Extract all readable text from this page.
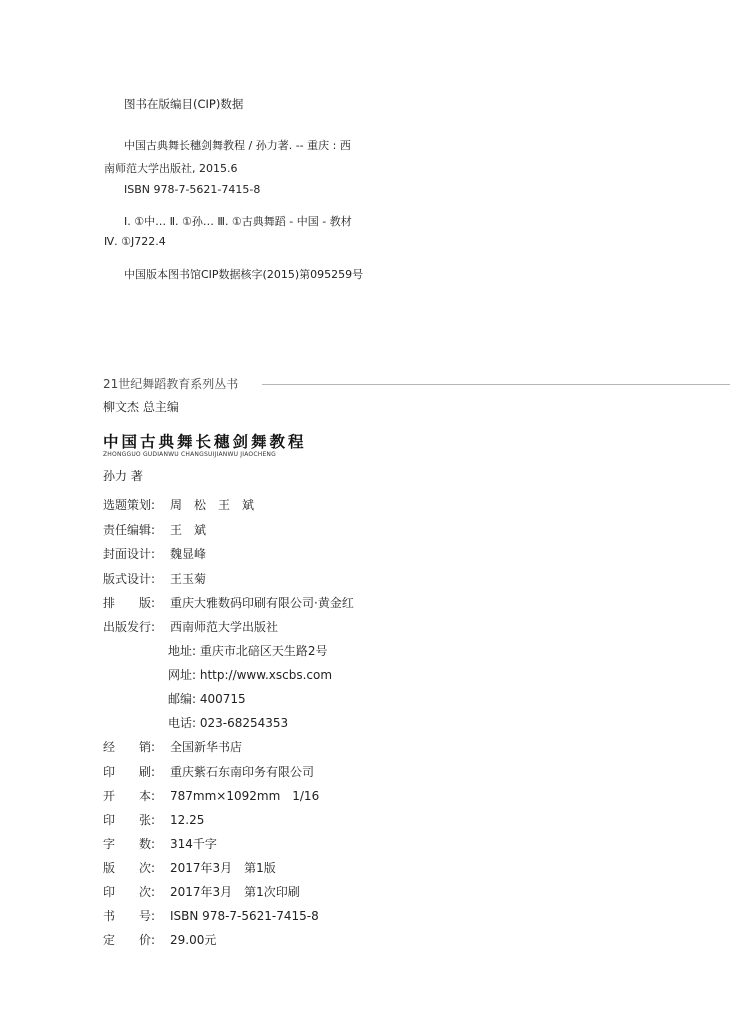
图书在版编目(CIP)数据
中国古典舞长穗剑舞教程 / 孙力著. -- 重庆 : 西
南师范大学出版社, 2015.6
ISBN 978-7-5621-7415-8
Ⅰ. ①中… Ⅱ. ①孙… Ⅲ. ①古典舞蹈 - 中国 - 教材
Ⅳ. ①J722.4
中国版本图书馆CIP数据核字(2015)第095259号
21世纪舞蹈教育系列丛书
柳文杰 总主编
中国古典舞长穗剑舞教程
ZHONGGUO GUDIANWU CHANGSUIJIANWU JIAOCHENG
孙力 著
选题策划: 周　松　王　斌
责任编辑: 王　斌
封面设计: 魏显峰
版式设计: 王玉菊
排　　版: 重庆大雅数码印刷有限公司·黄金红
出版发行: 西南师范大学出版社
地址: 重庆市北碚区天生路2号
网址: http://www.xscbs.com
邮编: 400715
电话: 023-68254353
经　　销: 全国新华书店
印　　刷: 重庆紫石东南印务有限公司
开　　本: 787mm×1092mm　1/16
印　　张: 12.25
字　　数: 314千字
版　　次: 2017年3月　第1版
印　　次: 2017年3月　第1次印刷
书　　号: ISBN 978-7-5621-7415-8
定　　价: 29.00元
